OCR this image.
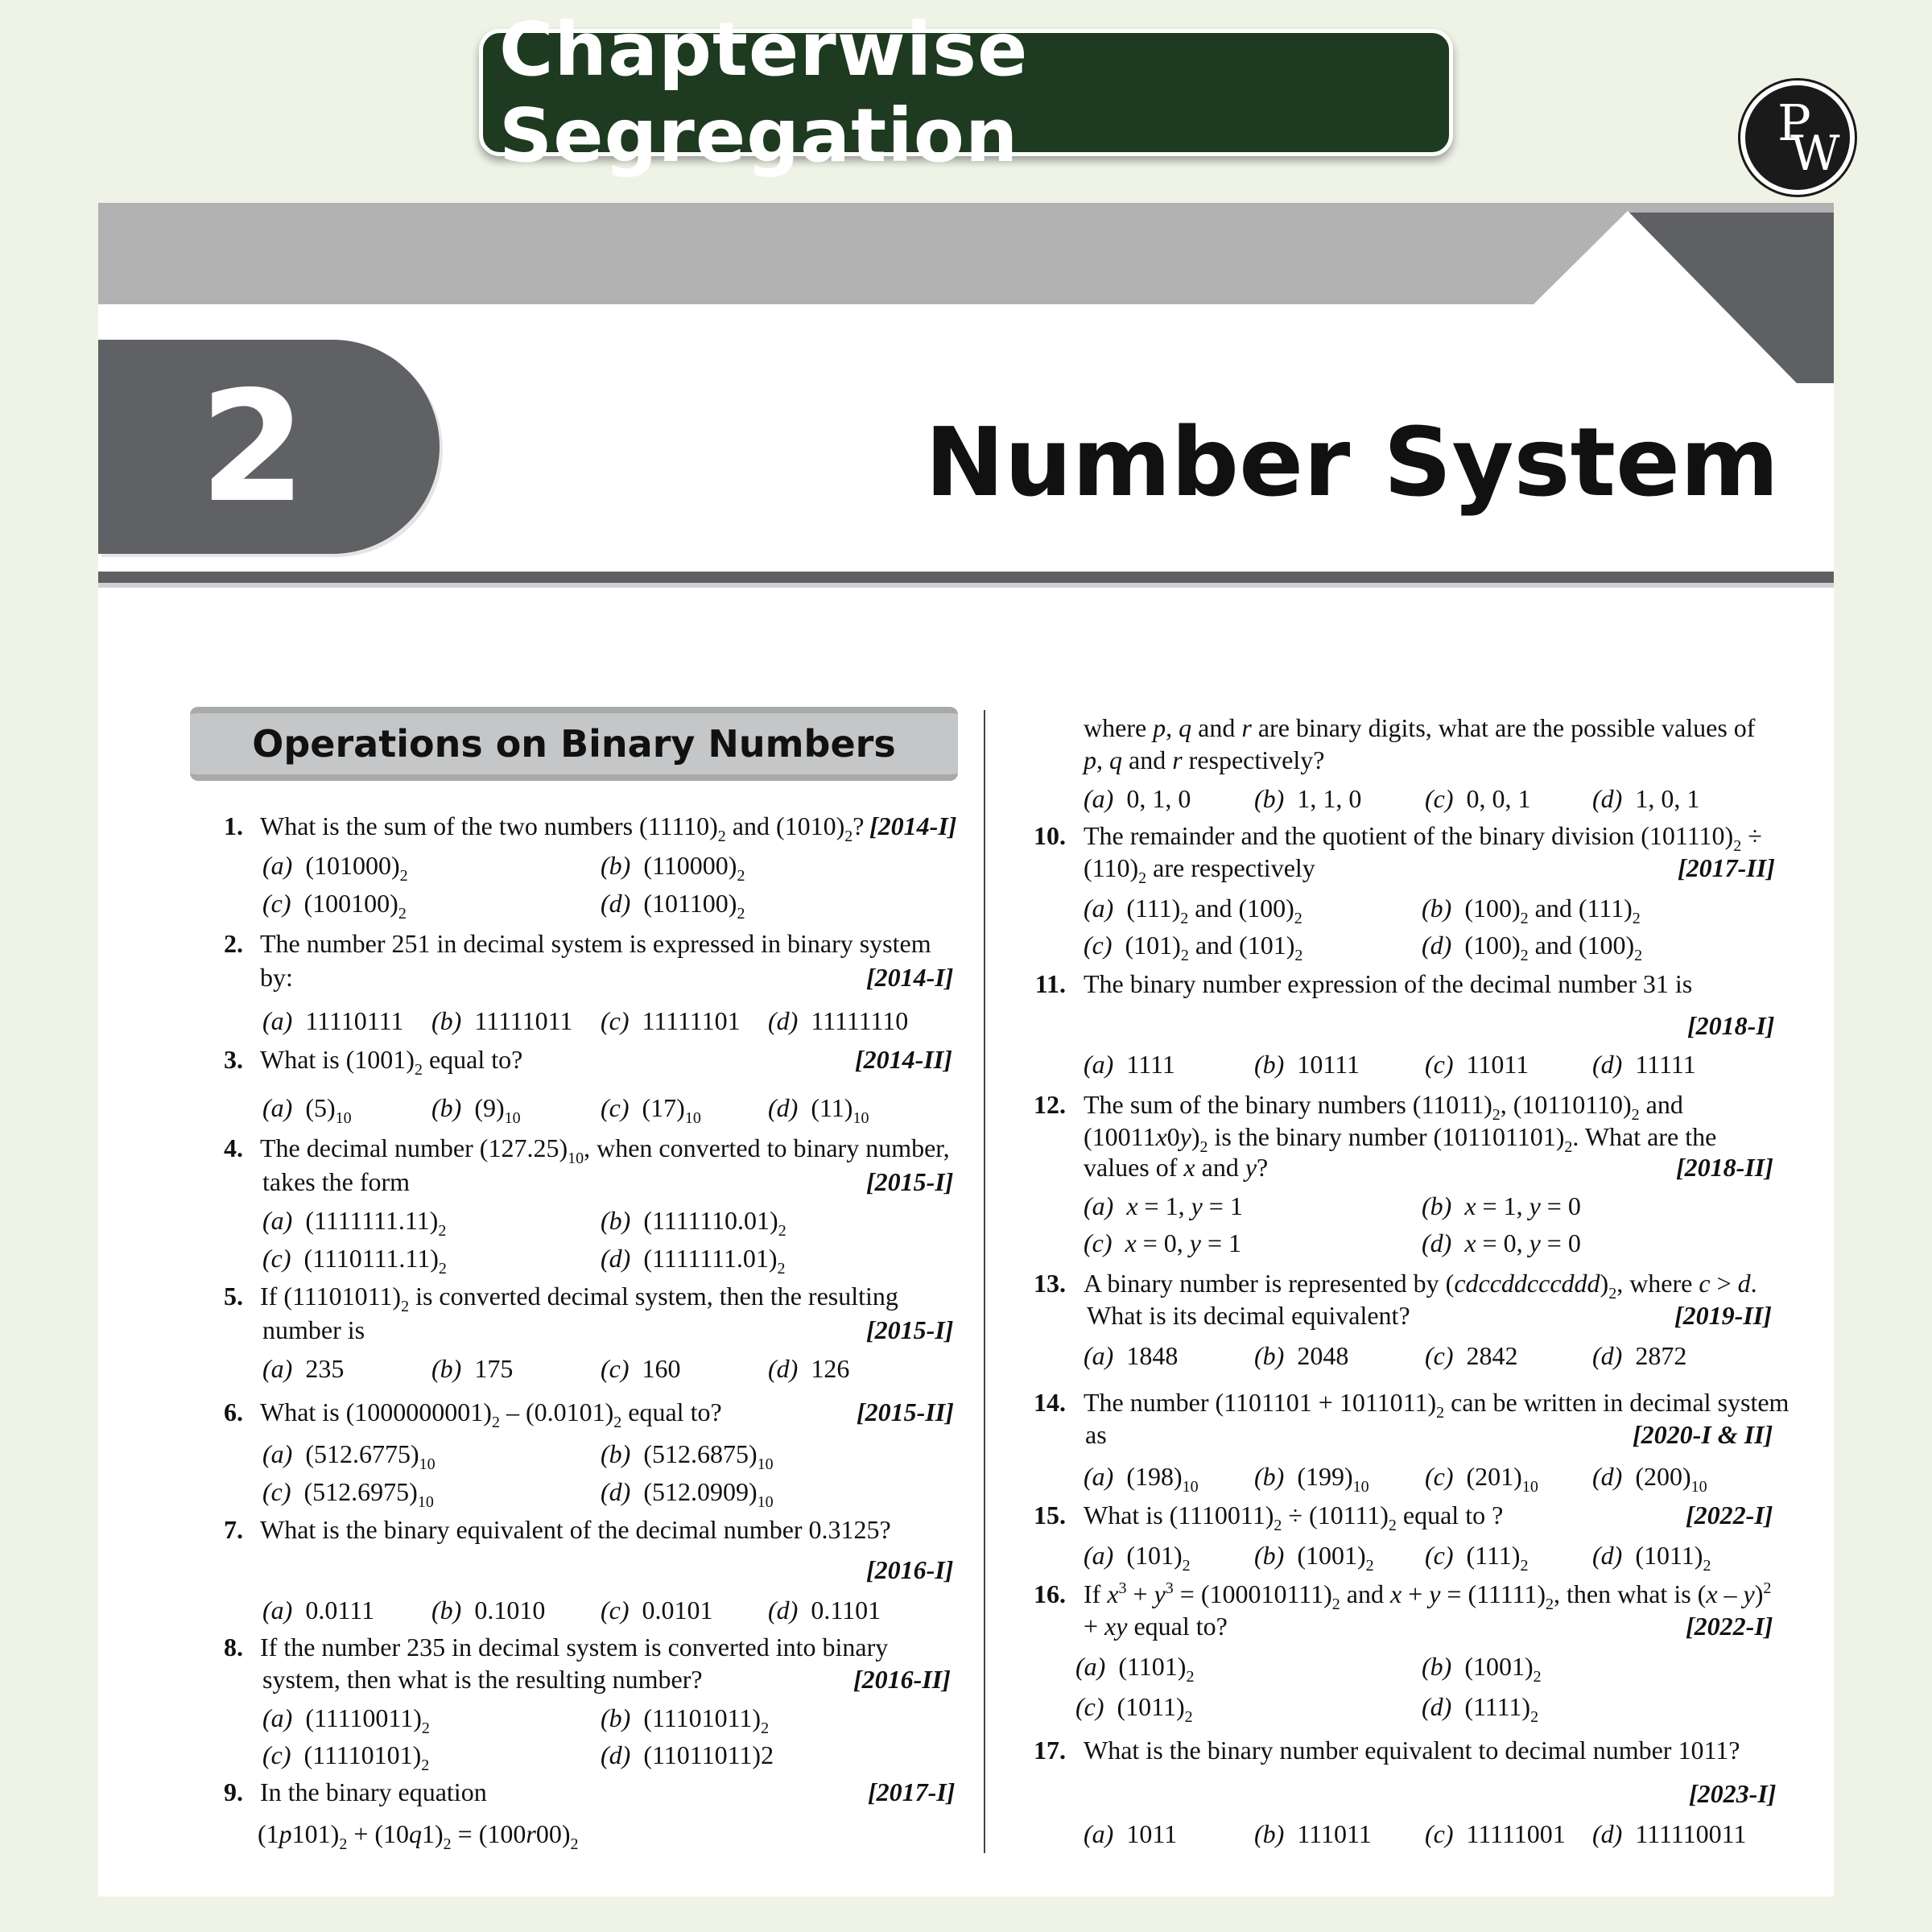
Chapterwise Segregation	P
W
2	Number System
Operations on Binary Numbers
1. What is the sum of the two numbers $(11110)_2$ and $(1010)_2$? [2014-I]
(a)  $(101000)_2$	(b)  $(110000)_2$
(c)  $(100100)_2$	(d)  $(101100)_2$
2. The number 251 in decimal system is expressed in binary system
by:	[2014-I]
(a) 11110111 (b) 11111011 (c) 11111101 (d) 11111110
3. What is $(1001)_2$ equal to?	[2014-II]
(a)  $(5)_{10}$	(b)  $(9)_{10}$	(c)  $(17)_{10}$	(d)  $(11)_{10}$
4. The decimal number $(127.25)_{10}$, when converted to binary number,
takes the form	[2015-I]
(a)  $(1111111.11)_2$	(b)  $(1111110.01)_2$
(c)  $(1110111.11)_2$	(d)  $(1111111.01)_2$
5. If $(11101011)_2$ is converted decimal system, then the resulting
number is	[2015-I]
(a) 235	(b) 175	(c) 160	(d) 126
6. What is $(1000000001)_2 - (0.0101)_2$ equal to?	[2015-II]
(a)  $(512.6775)_{10}$	(b)  $(512.6875)_{10}$
(c)  $(512.6975)_{10}$	(d)  $(512.0909)_{10}$
7. What is the binary equivalent of the decimal number 0.3125?
[2016-I]
(a) 0.0111 (b) 0.1010 (c) 0.0101 (d) 0.1101
8. If the number 235 in decimal system is converted into binary
system, then what is the resulting number?	[2016-II]
(a)  $(11110011)_2$	(b)  $(11101011)_2$
(c)  $(11110101)_2$	(d)  (11011011)2
9. In the binary equation	[2017-I]
$(1p101)_2 + (10q1)_2 = (100r00)_2$
where p, q and r are binary digits, what are the possible values of
p, q and r respectively?
(a)  0, 1, 0 (b)  1, 1, 0 (c)  0, 0, 1 (d)  1, 0, 1
10. The remainder and the quotient of the binary division $(101110)_2$ ÷
$(110)_2$ are respectively	[2017-II]
(a)  $(111)_2$ and $(100)_2$	(b)  $(100)_2$ and $(111)_2$
(c)  $(101)_2$ and $(101)_2$	(d)  $(100)_2$ and $(100)_2$
11. The binary number expression of the decimal number 31 is
[2018-I]
(a) 1111	(b) 10111	(c) 11011 (d) 11111
12. The sum of the binary numbers $(11011)_2$, $(10110110)_2$ and
$(10011x0y)_2$ is the binary number $(101101101)_2$. What are the
values of x and y?	[2018-II]
(a) x = 1, y = 1	(b) x = 1, y = 0
(c) x = 0, y = 1	(d) x = 0, y = 0
13. A binary number is represented by $(cdccddcccddd)_2$, where c > d.
What is its decimal equivalent?	[2019-II]
(a) 1848	(b) 2048	(c) 2842	(d) 2872
14. The number $(1101101 + 1011011)_2$ can be written in decimal system
as	[2020-I & II]
(a)  $(198)_{10}$ (b)  $(199)_{10}$ (c)  $(201)_{10}$ (d)  $(200)_{10}$
15. What is $(1110011)_2 \div (10111)_2$ equal to ?	[2022-I]
(a)  $(101)_2$ (b)  $(1001)_2$ (c)  $(111)_2$ (d)  $(1011)_2$
16. If $x^3 + y^3 = (100010111)_2$ and $x + y = (11111)_2$, then what is (x – y)$^2$
+ xy equal to?	[2022-I]
(a)  $(1101)_2$	(b)  $(1001)_2$
(c)  $(1011)_2$	(d)  $(1111)_2$
17. What is the binary number equivalent to decimal number 1011?
[2023-I]
(a) 1011	(b) 111011 (c) 11111001 (d) 111110011
